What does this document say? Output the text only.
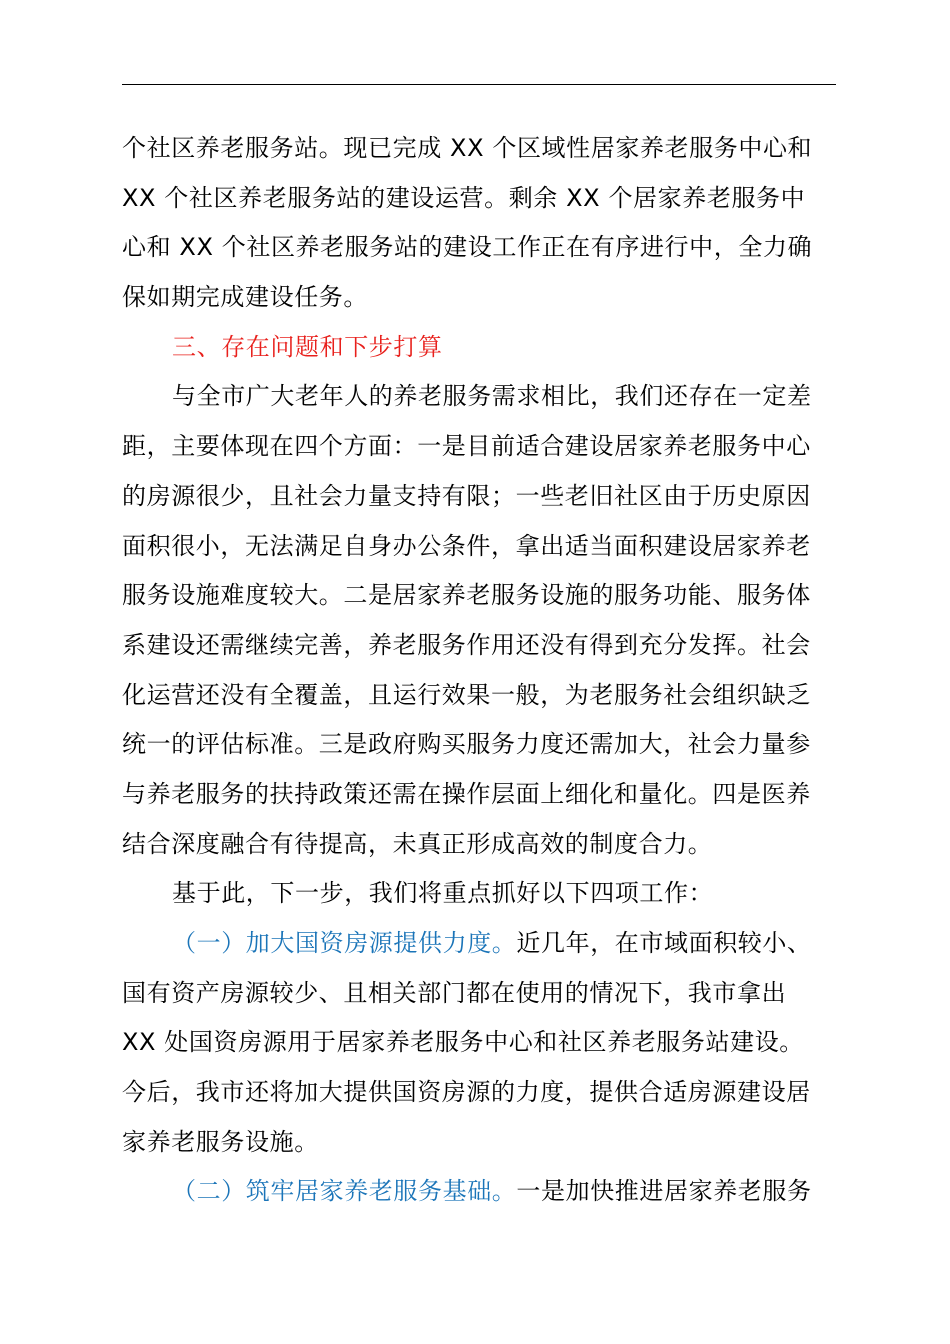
个社区养老服务站。现已完成 XX 个区域性居家养老服务中心和
XX 个社区养老服务站的建设运营。剩余 XX 个居家养老服务中
心和 XX 个社区养老服务站的建设工作正在有序进行中，全力确
保如期完成建设任务。
三、存在问题和下步打算
与全市广大老年人的养老服务需求相比，我们还存在一定差
距，主要体现在四个方面：一是目前适合建设居家养老服务中心
的房源很少，且社会力量支持有限；一些老旧社区由于历史原因
面积很小，无法满足自身办公条件，拿出适当面积建设居家养老
服务设施难度较大。二是居家养老服务设施的服务功能、服务体
系建设还需继续完善，养老服务作用还没有得到充分发挥。社会
化运营还没有全覆盖，且运行效果一般，为老服务社会组织缺乏
统一的评估标准。三是政府购买服务力度还需加大，社会力量参
与养老服务的扶持政策还需在操作层面上细化和量化。四是医养
结合深度融合有待提高，未真正形成高效的制度合力。
基于此，下一步，我们将重点抓好以下四项工作：
（一）加大国资房源提供力度。近几年，在市域面积较小、
国有资产房源较少、且相关部门都在使用的情况下，我市拿出
XX 处国资房源用于居家养老服务中心和社区养老服务站建设。
今后，我市还将加大提供国资房源的力度，提供合适房源建设居
家养老服务设施。
（二）筑牢居家养老服务基础。一是加快推进居家养老服务
